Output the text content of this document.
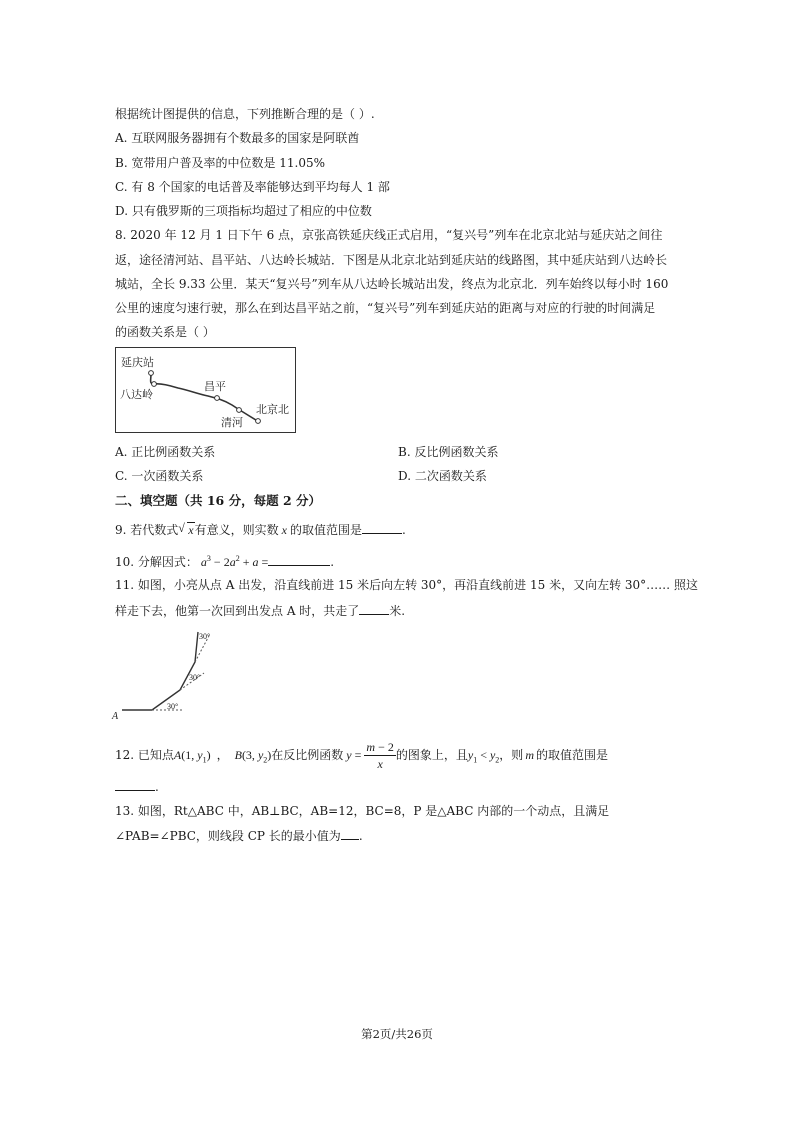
根据统计图提供的信息，下列推断合理的是（ ）.
A. 互联网服务器拥有个数最多的国家是阿联酋
B. 宽带用户普及率的中位数是 11.05%
C. 有 8 个国家的电话普及率能够达到平均每人 1 部
D. 只有俄罗斯的三项指标均超过了相应的中位数
8. 2020 年 12 月 1 日下午 6 点，京张高铁延庆线正式启用，“复兴号”列车在北京北站与延庆站之间往
返，途径清河站、昌平站、八达岭长城站．下图是从北京北站到延庆站的线路图，其中延庆站到八达岭长
城站，全长 9.33 公里．某天“复兴号”列车从八达岭长城站出发，终点为北京北．列车始终以每小时 160
公里的速度匀速行驶，那么在到达昌平站之前，“复兴号”列车到延庆站的距离与对应的行驶的时间满足
的函数关系是（ ）
延庆站
八达岭
昌平
清河
北京北
A. 正比例函数关系	B. 反比例函数关系
C. 一次函数关系	D. 二次函数关系
二、填空题（共 16 分，每题 2 分）
9. 若代数式 √ x有意义，则实数 x 的取值范围是	.
10. 分解因式： $a^3 - 2a^2 + a$ =	.
11. 如图，小亮从点 A 出发，沿直线前进 15 米后向左转 30°，再沿直线前进 15 米，又向左转 30°…… 照这
样走下去，他第一次回到出发点 A 时，共走了	米.
A
30°
30°
30°
12. 已知点A(1, $y_1$) ， B(3, $y_2$)在反比例函数 $y = \frac{m - 2}{x}$ 的图象上，且$y_1 < y_2$，则 m 的取值范围是
.
13. 如图，Rt△ABC 中，AB⊥BC，AB=12，BC=8，P 是△ABC 内部的一个动点，且满足
∠PAB=∠PBC，则线段 CP 长的最小值为 .
第2页/共26页
